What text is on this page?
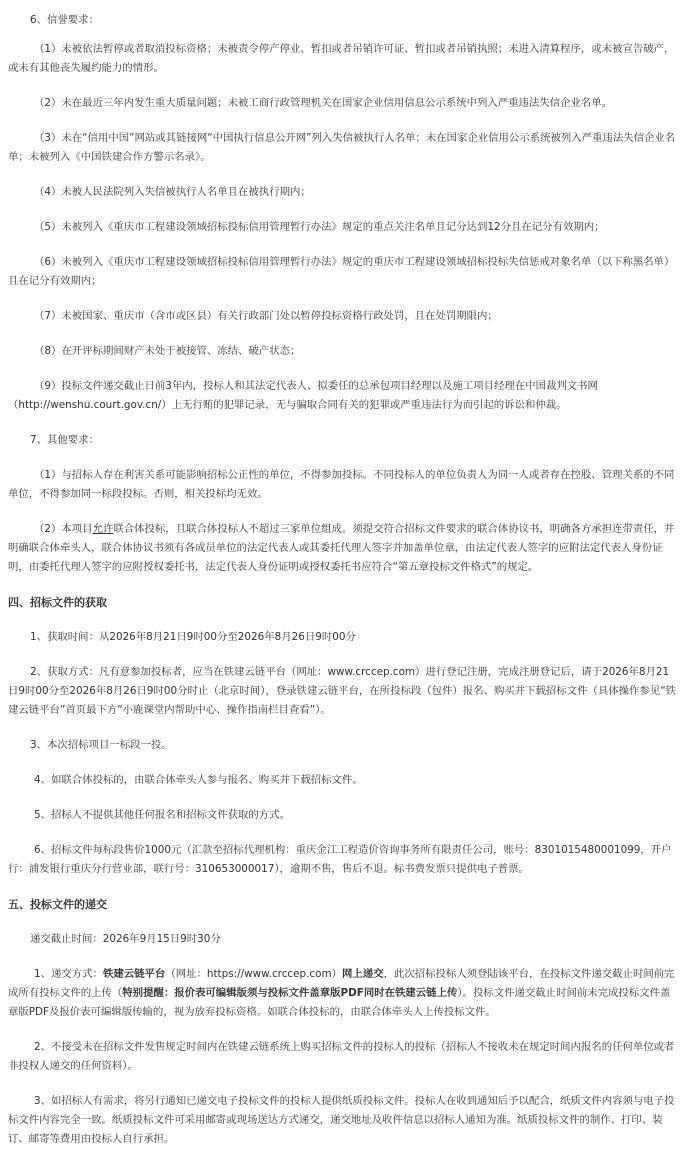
6、信誉要求：

（1）未被依法暂停或者取消投标资格；未被责令停产停业、暂扣或者吊销许可证、暂扣或者吊销执照；未进入清算程序，或未被宣告破产，或未有其他丧失履约能力的情形。

（2）未在最近三年内发生重大质量问题；未被工商行政管理机关在国家企业信用信息公示系统中列入严重违法失信企业名单。

（3）未在“信用中国”网站或其链接网“中国执行信息公开网”列入失信被执行人名单；未在国家企业信用公示系统被列入严重违法失信企业名单；未被列入《中国铁建合作方警示名录》。

（4）未被人民法院列入失信被执行人名单且在被执行期内；

（5）未被列入《重庆市工程建设领域招标投标信用管理暂行办法》规定的重点关注名单且记分达到12分且在记分有效期内；

（6）未被列入《重庆市工程建设领域招标投标信用管理暂行办法》规定的重庆市工程建设领域招标投标失信惩戒对象名单（以下称黑名单）且在记分有效期内；

（7）未被国家、重庆市（含市或区县）有关行政部门处以暂停投标资格行政处罚，且在处罚期限内；

（8）在开评标期间财产未处于被接管、冻结、破产状态；

（9）投标文件递交截止日前3年内，投标人和其法定代表人、拟委任的总承包项目经理以及施工项目经理在中国裁判文书网（http://wenshu.court.gov.cn/）上无行贿的犯罪记录，无与骗取合同有关的犯罪或严重违法行为而引起的诉讼和仲裁。

7、其他要求：

（1）与招标人存在利害关系可能影响招标公正性的单位，不得参加投标。不同投标人的单位负责人为同一人或者存在控股、管理关系的不同单位，不得参加同一标段投标。否则，相关投标均无效。

（2）本项目允许联合体投标，且联合体投标人不超过三家单位组成。须提交符合招标文件要求的联合体协议书，明确各方承担连带责任，并明确联合体牵头人，联合体协议书须有各成员单位的法定代表人或其委托代理人签字并加盖单位章，由法定代表人签字的应附法定代表人身份证明，由委托代理人签字的应附授权委托书，法定代表人身份证明或授权委托书应符合“第五章投标文件格式”的规定。

四、招标文件的获取

1、获取时间：从2026年8月21日9时00分至2026年8月26日9时00分

2、获取方式：凡有意参加投标者，应当在铁建云链平台（网址：www.crccep.com）进行登记注册，完成注册登记后，请于2026年8月21日9时00分至2026年8月26日9时00分时止（北京时间），登录铁建云链平台，在所投标段（包件）报名、购买并下载招标文件（具体操作参见“铁建云链平台”首页最下方“小鹿课堂内帮助中心、操作指南栏目查看”）。

3、本次招标项目一标段一投。

4、如联合体投标的，由联合体牵头人参与报名、购买并下载招标文件。

5、招标人不提供其他任何报名和招标文件获取的方式。

6、招标文件每标段售价1000元（汇款至招标代理机构：重庆金江工程造价咨询事务所有限责任公司，账号：8301015480001099，开户行：浦发银行重庆分行营业部，联行号：310653000017），逾期不售，售后不退。标书费发票只提供电子普票。

五、投标文件的递交

递交截止时间：2026年9月15日9时30分

1、递交方式：铁建云链平台（网址：https://www.crccep.com）网上递交，此次招标投标人须登陆该平台，在投标文件递交截止时间前完成所有投标文件的上传（特别提醒：报价表可编辑版须与投标文件盖章版PDF同时在铁建云链上传）。投标文件递交截止时间前未完成投标文件盖章版PDF及报价表可编辑版传输的，视为放弃投标资格。如联合体投标的，由联合体牵头人上传投标文件。

2、不接受未在招标文件发售规定时间内在铁建云链系统上购买招标文件的投标人的投标（招标人不接收未在规定时间内报名的任何单位或者非投权人递交的任何资料）。

3、如招标人有需求，将另行通知已递交电子投标文件的投标人提供纸质投标文件。投标人在收到通知后予以配合，纸质文件内容须与电子投标文件内容完全一致。纸质投标文件可采用邮寄或现场送达方式递交，递交地址及收件信息以招标人通知为准。纸质投标文件的制作、打印、装订、邮寄等费用由投标人自行承担。
